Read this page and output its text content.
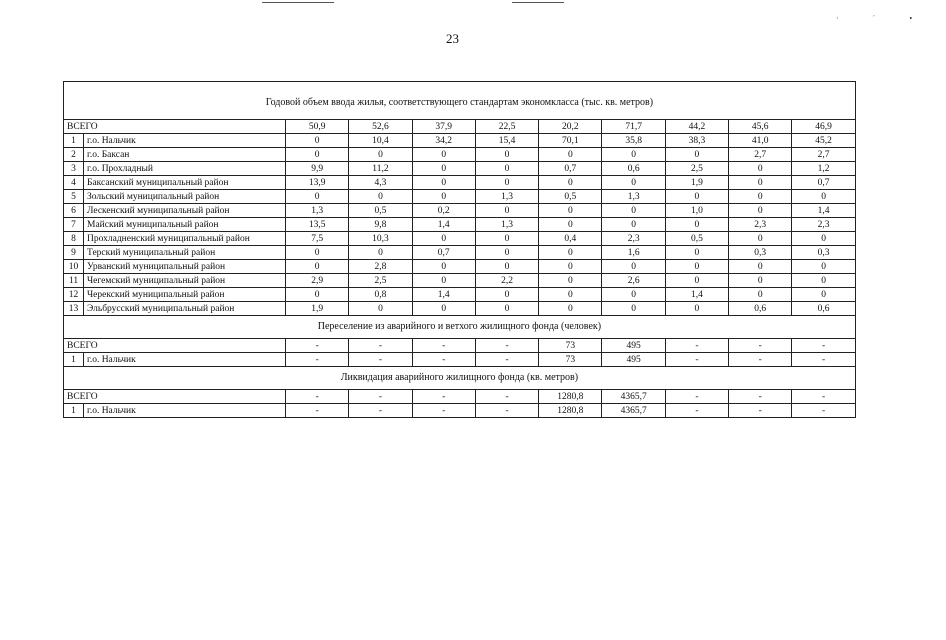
·΄•
23
Годовой объем ввода жилья, соответствующего стандартам экономкласса (тыс. кв. метров)										
ВСЕГО		50,9	52,6	37,9	22,5	20,2	71,7	44,2	45,6	46,9
1	г.о. Нальчик	0	10,4	34,2	15,4	70,1	35,8	38,3	41,0	45,2
2	г.о. Баксан	0	0	0	0	0	0	0	2,7	2,7
3	г.о. Прохладный	9,9	11,2	0	0	0,7	0,6	2,5	0	1,2
4	Баксанский муниципальный район	13,9	4,3	0	0	0	0	1,9	0	0,7
5	Зольский муниципальный район	0	0	0	1,3	0,5	1,3	0	0	0
6	Лескенский муниципальный район	1,3	0,5	0,2	0	0	0	1,0	0	1,4
7	Майский муниципальный район	13,5	9,8	1,4	1,3	0	0	0	2,3	2,3
8	Прохладненский муниципальный район	7,5	10,3	0	0	0,4	2,3	0,5	0	0
9	Терский муниципальный район	0	0	0,7	0	0	1,6	0	0,3	0,3
10	Урванский муниципальный район	0	2,8	0	0	0	0	0	0	0
11	Чегемский муниципальный район	2,9	2,5	0	2,2	0	2,6	0	0	0
12	Черекский муниципальный район	0	0,8	1,4	0	0	0	1,4	0	0
13	Эльбрусский муниципальный район	1,9	0	0	0	0	0	0	0,6	0,6
Переселение из аварийного и ветхого жилищного фонда (человек)										
ВСЕГО		-	-	-	-	73	495	-	-	-
1	г.о. Нальчик	-	-	-	-	73	495	-	-	-
Ликвидация аварийного жилищного фонда (кв. метров)										
ВСЕГО		-	-	-	-	1280,8	4365,7	-	-	-
1	г.о. Нальчик	-	-	-	-	1280,8	4365,7	-	-	-
